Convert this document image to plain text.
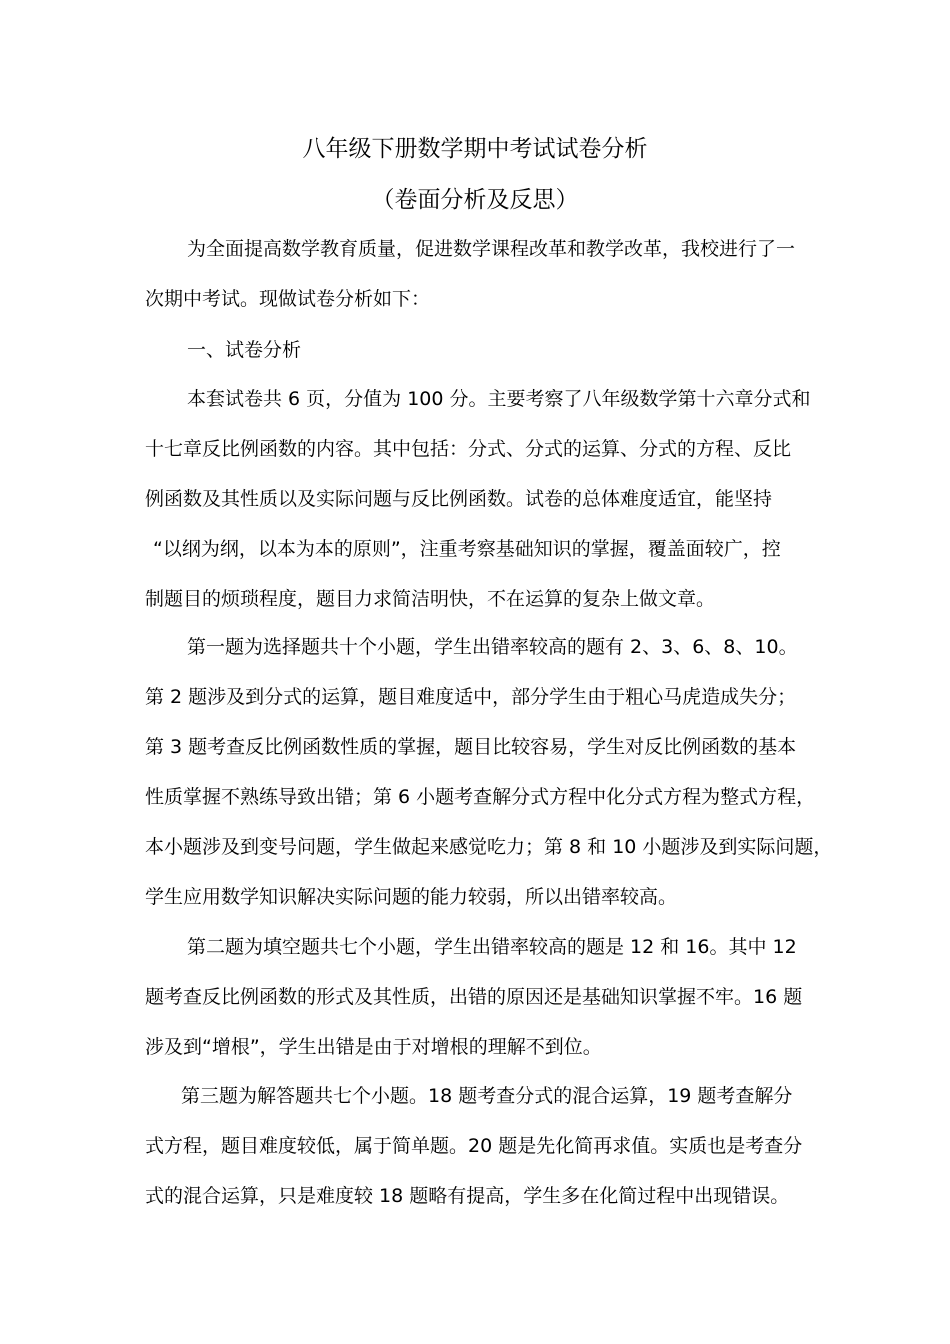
八年级下册数学期中考试试卷分析
（卷面分析及反思）
为全面提高数学教育质量，促进数学课程改革和教学改革，我校进行了一
次期中考试。现做试卷分析如下：
一、试卷分析
本套试卷共 6 页，分值为 100 分。主要考察了八年级数学第十六章分式和
十七章反比例函数的内容。其中包括：分式、分式的运算、分式的方程、反比
例函数及其性质以及实际问题与反比例函数。试卷的总体难度适宜，能坚持
“以纲为纲，以本为本的原则”，注重考察基础知识的掌握，覆盖面较广，控
制题目的烦琐程度，题目力求简洁明快，不在运算的复杂上做文章。
第一题为选择题共十个小题，学生出错率较高的题有 2、3、6、8、10。
第 2 题涉及到分式的运算，题目难度适中，部分学生由于粗心马虎造成失分；
第 3 题考查反比例函数性质的掌握，题目比较容易，学生对反比例函数的基本
性质掌握不熟练导致出错；第 6 小题考查解分式方程中化分式方程为整式方程，
本小题涉及到变号问题，学生做起来感觉吃力；第 8 和 10 小题涉及到实际问题，
学生应用数学知识解决实际问题的能力较弱，所以出错率较高。
第二题为填空题共七个小题，学生出错率较高的题是 12 和 16。其中 12
题考查反比例函数的形式及其性质，出错的原因还是基础知识掌握不牢。16 题
涉及到“增根”，学生出错是由于对增根的理解不到位。
第三题为解答题共七个小题。18 题考查分式的混合运算，19 题考查解分
式方程，题目难度较低，属于简单题。20 题是先化简再求值。实质也是考查分
式的混合运算，只是难度较 18 题略有提高，学生多在化简过程中出现错误。
